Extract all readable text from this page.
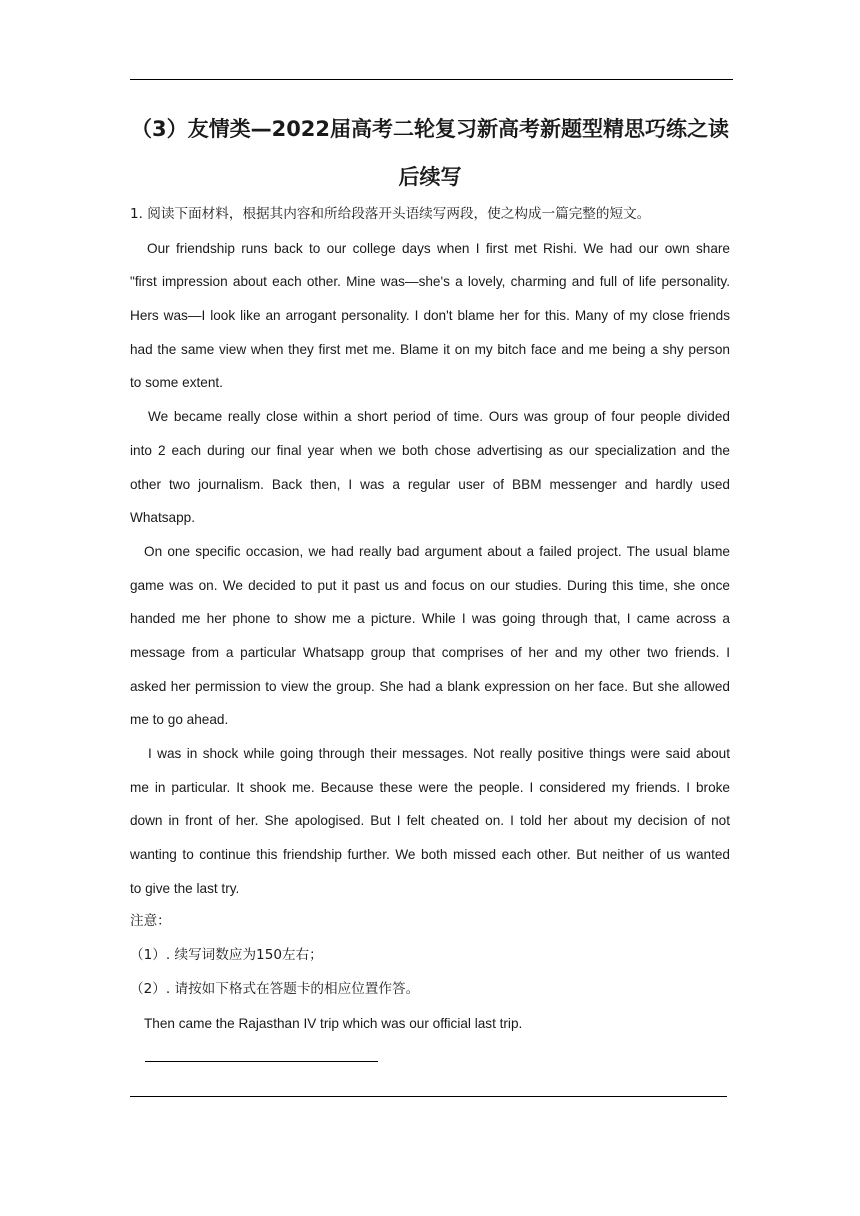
（3）友情类—2022届高考二轮复习新高考新题型精思巧练之读
后续写
1. 阅读下面材料，根据其内容和所给段落开头语续写两段，使之构成一篇完整的短文。
Our friendship runs back to our college days when I first met Rishi. We had our own share
"first impression about each other. Mine was—she's a lovely, charming and full of life personality.
Hers was—I look like an arrogant personality. I don't blame her for this. Many of my close friends
had the same view when they first met me. Blame it on my bitch face and me being a shy person
to some extent.
We became really close within a short period of time. Ours was group of four people divided
into 2 each during our final year when we both chose advertising as our specialization and the
other two journalism. Back then, I was a regular user of BBM messenger and hardly used
Whatsapp.
On one specific occasion, we had really bad argument about a failed project. The usual blame
game was on. We decided to put it past us and focus on our studies. During this time, she once
handed me her phone to show me a picture. While I was going through that, I came across a
message from a particular Whatsapp group that comprises of her and my other two friends. I
asked her permission to view the group. She had a blank expression on her face. But she allowed
me to go ahead.
I was in shock while going through their messages. Not really positive things were said about
me in particular. It shook me. Because these were the people. I considered my friends. I broke
down in front of her. She apologised. But I felt cheated on. I told her about my decision of not
wanting to continue this friendship further. We both missed each other. But neither of us wanted
to give the last try.
注意：
（1）. 续写词数应为150左右；
（2）. 请按如下格式在答题卡的相应位置作答。
Then came the Rajasthan IV trip which was our official last trip.
